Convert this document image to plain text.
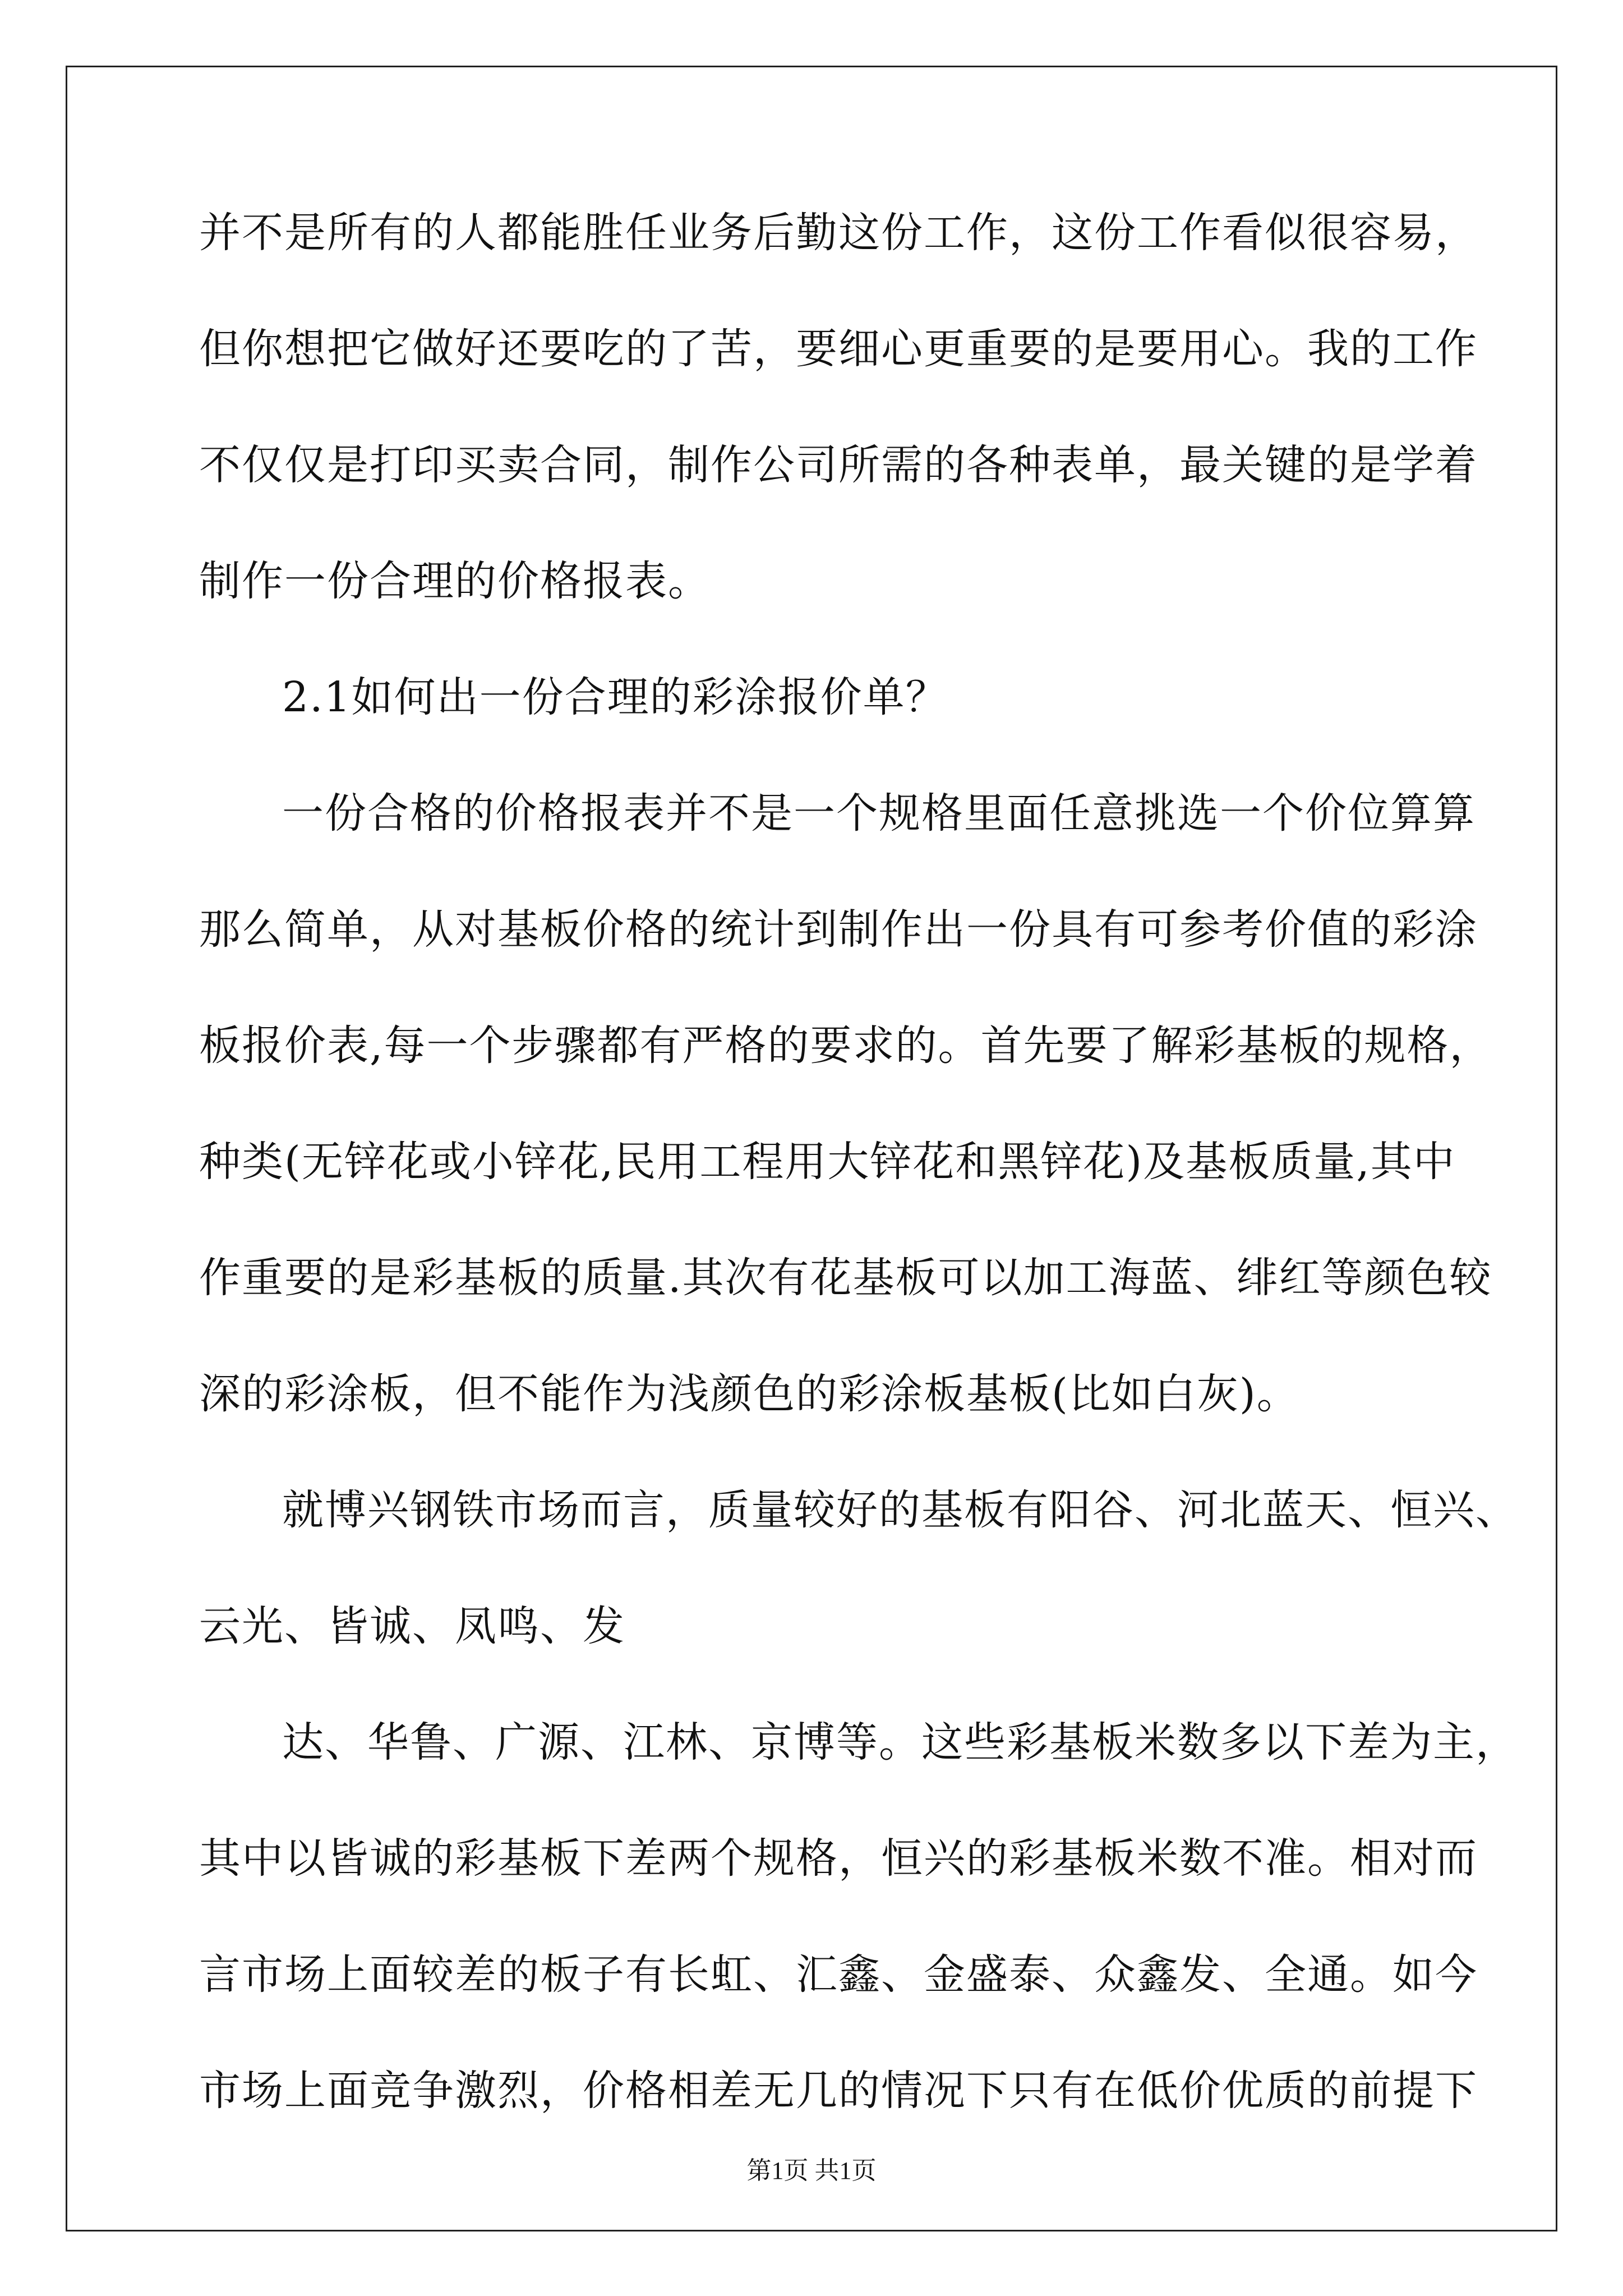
并不是所有的人都能胜任业务后勤这份工作，这份工作看似很容易，
但你想把它做好还要吃的了苦，要细心更重要的是要用心。我的工作
不仅仅是打印买卖合同，制作公司所需的各种表单，最关键的是学着
制作一份合理的价格报表。
2.1如何出一份合理的彩涂报价单？
一份合格的价格报表并不是一个规格里面任意挑选一个价位算算
那么简单，从对基板价格的统计到制作出一份具有可参考价值的彩涂
板报价表,每一个步骤都有严格的要求的。首先要了解彩基板的规格，
种类(无锌花或小锌花,民用工程用大锌花和黑锌花)及基板质量,其中
作重要的是彩基板的质量.其次有花基板可以加工海蓝、绯红等颜色较
深的彩涂板，但不能作为浅颜色的彩涂板基板(比如白灰)。
就博兴钢铁市场而言，质量较好的基板有阳谷、河北蓝天、恒兴、
云光、皆诚、凤鸣、发
达、华鲁、广源、江林、京博等。这些彩基板米数多以下差为主，
其中以皆诚的彩基板下差两个规格，恒兴的彩基板米数不准。相对而
言市场上面较差的板子有长虹、汇鑫、金盛泰、众鑫发、全通。如今
市场上面竞争激烈，价格相差无几的情况下只有在低价优质的前提下
第1页 共1页
